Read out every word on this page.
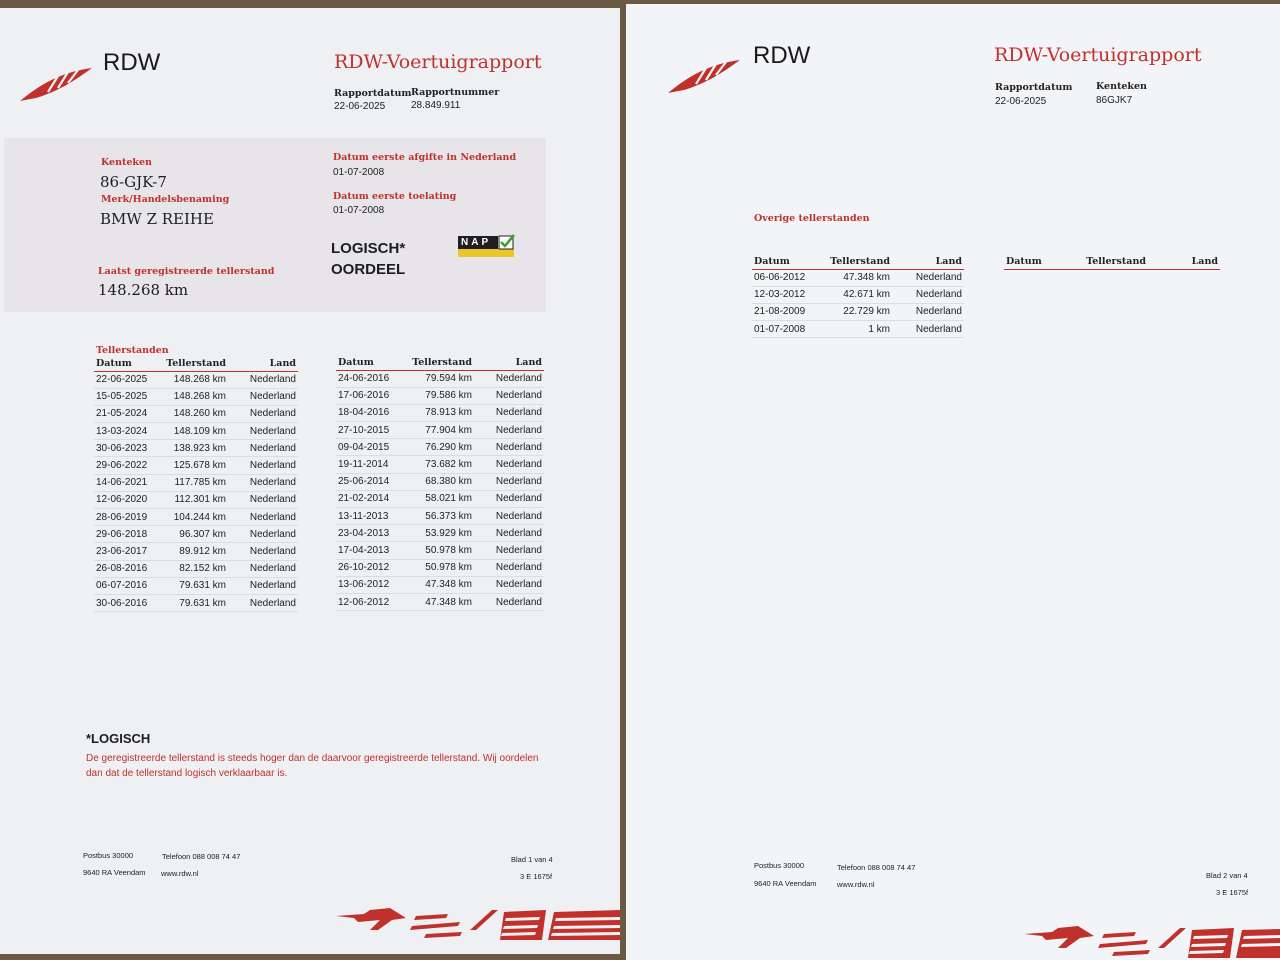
RDW	RDW-Voertuigrapport
Rapportdatum
22-06-2025
Rapportnummer
28.849.911
Kenteken
86-GJK-7
Merk/Handelsbenaming
BMW Z REIHE
Datum eerste afgifte in Nederland
01-07-2008
Datum eerste toelating
01-07-2008
LOGISCH*
OORDEEL
NAP
Laatst geregistreerde tellerstand
148.268 km
Tellerstanden
Datum	Tellerstand	Land
22-06-2025	148.268 km	Nederland
15-05-2025	148.268 km	Nederland
21-05-2024	148.260 km	Nederland
13-03-2024	148.109 km	Nederland
30-06-2023	138.923 km	Nederland
29-06-2022	125.678 km	Nederland
14-06-2021	117.785 km	Nederland
12-06-2020	112.301 km	Nederland
28-06-2019	104.244 km	Nederland
29-06-2018	96.307 km	Nederland
23-06-2017	89.912 km	Nederland
26-08-2016	82.152 km	Nederland
06-07-2016	79.631 km	Nederland
30-06-2016	79.631 km	Nederland
Datum	Tellerstand	Land
24-06-2016	79.594 km	Nederland
17-06-2016	79.586 km	Nederland
18-04-2016	78.913 km	Nederland
27-10-2015	77.904 km	Nederland
09-04-2015	76.290 km	Nederland
19-11-2014	73.682 km	Nederland
25-06-2014	68.380 km	Nederland
21-02-2014	58.021 km	Nederland
13-11-2013	56.373 km	Nederland
23-04-2013	53.929 km	Nederland
17-04-2013	50.978 km	Nederland
26-10-2012	50.978 km	Nederland
13-06-2012	47.348 km	Nederland
12-06-2012	47.348 km	Nederland
*LOGISCH
De geregistreerde tellerstand is steeds hoger dan de daarvoor geregistreerde tellerstand. Wij oordelen dan dat de tellerstand logisch verklaarbaar is.
Postbus 30000
9640 RA Veendam
Telefoon 088 008 74 47
www.rdw.nl
Blad 1 van 4
3 E 1675f
RDW	RDW-Voertuigrapport
Rapportdatum
22-06-2025
Kenteken
86GJK7
Overige tellerstanden
Datum	Tellerstand	Land
06-06-2012	47.348 km	Nederland
12-03-2012	42.671 km	Nederland
21-08-2009	22.729 km	Nederland
01-07-2008	1 km	Nederland
Datum	Tellerstand	Land
Postbus 30000
9640 RA Veendam
Telefoon 088 008 74 47
www.rdw.nl
Blad 2 van 4
3 E 1675f
